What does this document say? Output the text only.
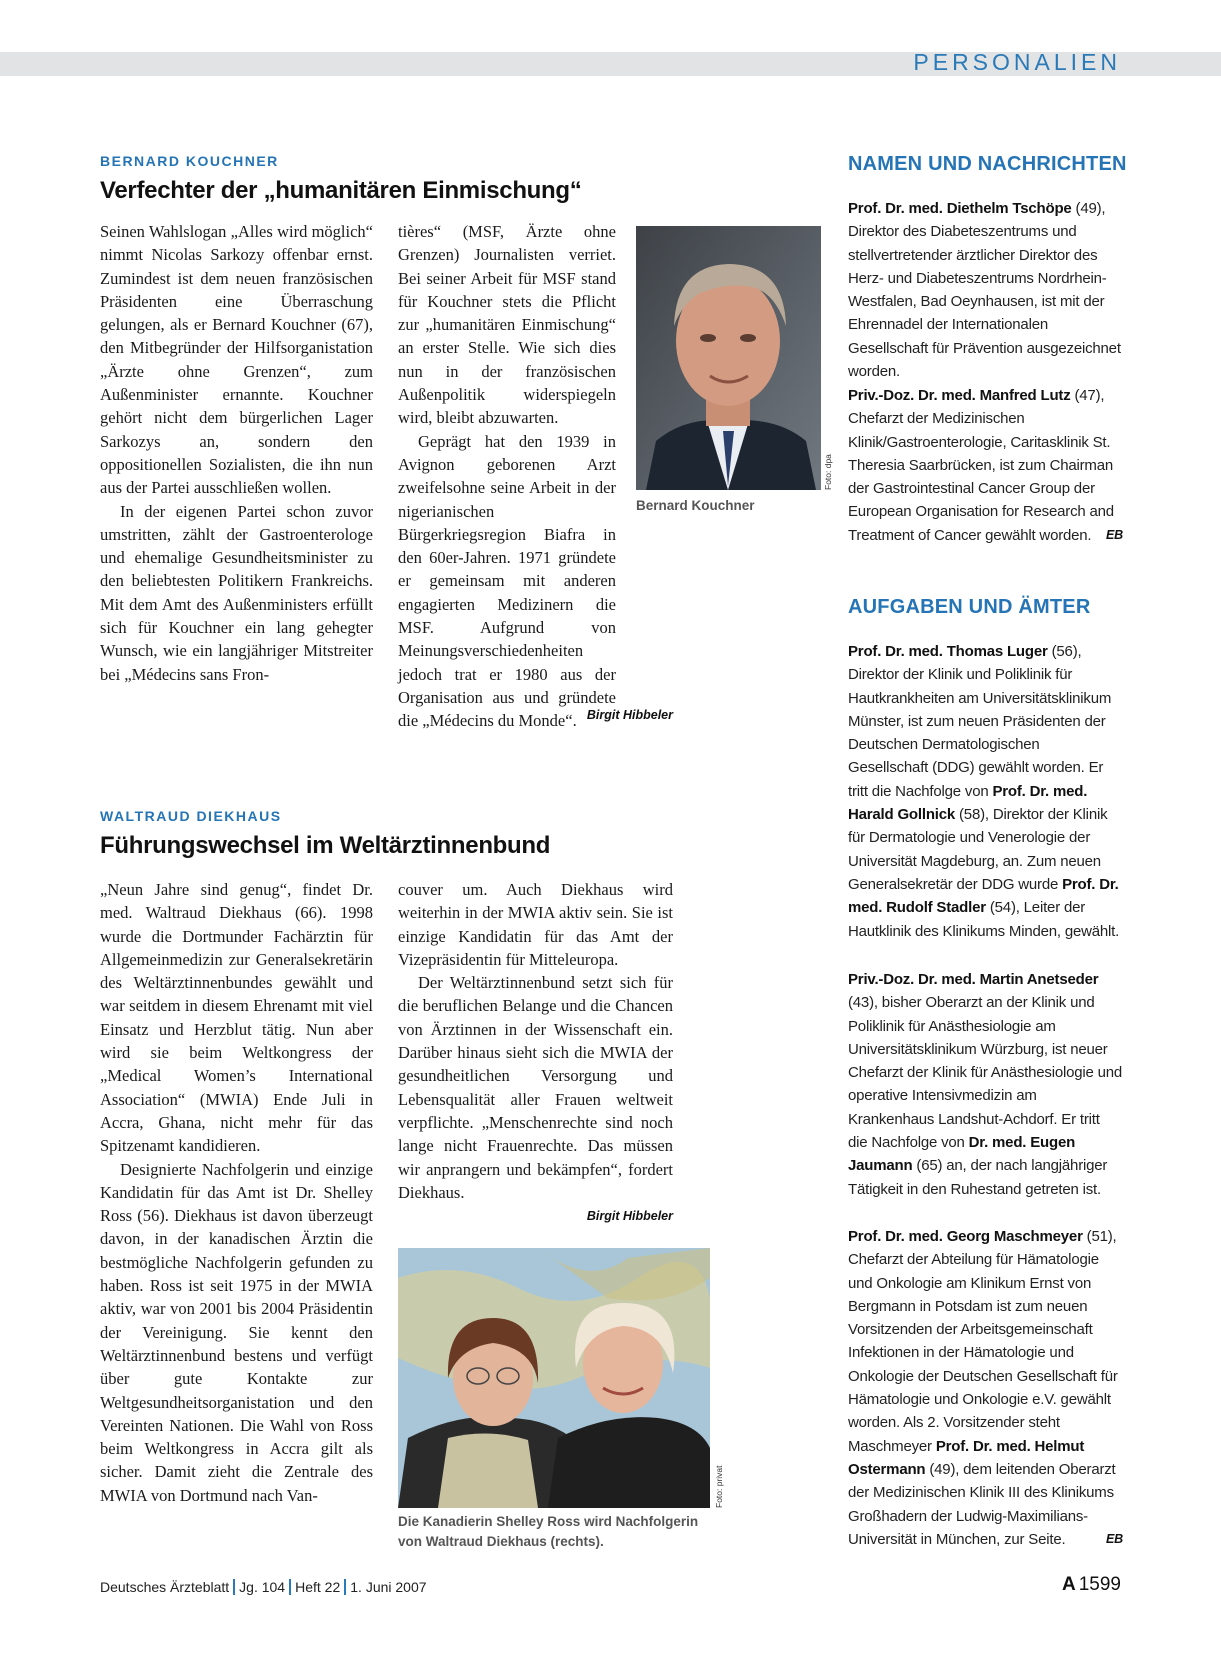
PERSONALIEN
BERNARD KOUCHNER
Verfechter der „humanitären Einmischung“

Seinen Wahlslogan „Alles wird möglich“ nimmt Nicolas Sarkozy offenbar ernst. Zumindest ist dem neuen französischen Präsidenten eine Überraschung gelungen, als er Bernard Kouchner (67), den Mitbegründer der Hilfsorganistation „Ärzte ohne Grenzen“, zum Außenminister ernannte. Kouchner gehört nicht dem bürgerlichen Lager Sarkozys an, sondern den oppositionellen Sozialisten, die ihn nun aus der Partei ausschließen wollen.

In der eigenen Partei schon zuvor umstritten, zählt der Gastroenterologe und ehemalige Gesundheitsminister zu den beliebtesten Politikern Frankreichs. Mit dem Amt des Außenministers erfüllt sich für Kouchner ein lang gehegter Wunsch, wie ein langjähriger Mitstreiter bei „Médecins sans Fron-

tières“ (MSF, Ärzte ohne Grenzen) Journalisten verriet. Bei seiner Arbeit für MSF stand für Kouchner stets die Pflicht zur „humanitären Einmischung“ an erster Stelle. Wie sich dies nun in der französischen Außenpolitik widerspiegeln wird, bleibt abzuwarten.

Geprägt hat den 1939 in Avignon geborenen Arzt zweifelsohne seine Arbeit in der nigerianischen Bürgerkriegsregion Biafra in den 60er-Jahren. 1971 gründete er gemeinsam mit anderen engagierten Medizinern die MSF. Aufgrund von Meinungsverschiedenheiten jedoch trat er 1980 aus der Organisation aus und gründete die „Médecins du Monde“. Birgit Hibbeler
Foto: dpa
Bernard Kouchner
WALTRAUD DIEKHAUS
Führungswechsel im Weltärztinnenbund

„Neun Jahre sind genug“, findet Dr. med. Waltraud Diekhaus (66). 1998 wurde die Dortmunder Fachärztin für Allgemeinmedizin zur Generalsekretärin des Weltärztinnenbundes gewählt und war seitdem in diesem Ehrenamt mit viel Einsatz und Herzblut tätig. Nun aber wird sie beim Weltkongress der „Medical Women’s International Association“ (MWIA) Ende Juli in Accra, Ghana, nicht mehr für das Spitzenamt kandidieren.

Designierte Nachfolgerin und einzige Kandidatin für das Amt ist Dr. Shelley Ross (56). Diekhaus ist davon überzeugt davon, in der kanadischen Ärztin die bestmögliche Nachfolgerin gefunden zu haben. Ross ist seit 1975 in der MWIA aktiv, war von 2001 bis 2004 Präsidentin der Vereinigung. Sie kennt den Weltärztinnenbund bestens und verfügt über gute Kontakte zur Weltgesundheitsorganistation und den Vereinten Nationen. Die Wahl von Ross beim Weltkongress in Accra gilt als sicher. Damit zieht die Zentrale des MWIA von Dortmund nach Van-

couver um. Auch Diekhaus wird weiterhin in der MWIA aktiv sein. Sie ist einzige Kandidatin für das Amt der Vizepräsidentin für Mitteleuropa.

Der Weltärztinnenbund setzt sich für die beruflichen Belange und die Chancen von Ärztinnen in der Wissenschaft ein. Darüber hinaus sieht sich die MWIA der gesundheitlichen Versorgung und Lebensqualität aller Frauen weltweit verpflichte. „Menschenrechte sind noch lange nicht Frauenrechte. Das müssen wir anprangern und bekämpfen“, fordert Diekhaus.

Birgit Hibbeler
Foto: privat
Die Kanadierin Shelley Ross wird Nachfolgerin von Waltraud Diekhaus (rechts).
NAMEN UND NACHRICHTEN
Prof. Dr. med. Diethelm Tschöpe (49), Direktor des Diabeteszentrums und stellvertretender ärztlicher Direktor des Herz- und Diabeteszentrums Nordrhein-Westfalen, Bad Oeynhausen, ist mit der Ehrennadel der Internationalen Gesellschaft für Prävention ausgezeichnet worden.
Priv.-Doz. Dr. med. Manfred Lutz (47), Chefarzt der Medizinischen Klinik/Gastroenterologie, Caritasklinik St. Theresia Saarbrücken, ist zum Chairman der Gastrointestinal Cancer Group der European Organisation for Research and Treatment of Cancer gewählt worden. EB
AUFGABEN UND ÄMTER
Prof. Dr. med. Thomas Luger (56), Direktor der Klinik und Poliklinik für Hautkrankheiten am Universitätsklinikum Münster, ist zum neuen Präsidenten der Deutschen Dermatologischen Gesellschaft (DDG) gewählt worden. Er tritt die Nachfolge von Prof. Dr. med. Harald Gollnick (58), Direktor der Klinik für Dermatologie und Venerologie der Universität Magdeburg, an. Zum neuen Generalsekretär der DDG wurde Prof. Dr. med. Rudolf Stadler (54), Leiter der Hautklinik des Klinikums Minden, gewählt.
Priv.-Doz. Dr. med. Martin Anetseder (43), bisher Oberarzt an der Klinik und Poliklinik für Anästhesiologie am Universitätsklinikum Würzburg, ist neuer Chefarzt der Klinik für Anästhesiologie und operative Intensivmedizin am Krankenhaus Landshut-Achdorf. Er tritt die Nachfolge von Dr. med. Eugen Jaumann (65) an, der nach langjähriger Tätigkeit in den Ruhestand getreten ist.
Prof. Dr. med. Georg Maschmeyer (51), Chefarzt der Abteilung für Hämatologie und Onkologie am Klinikum Ernst von Bergmann in Potsdam ist zum neuen Vorsitzenden der Arbeitsgemeinschaft Infektionen in der Hämatologie und Onkologie der Deutschen Gesellschaft für Hämatologie und Onkologie e.V. gewählt worden. Als 2. Vorsitzender steht Maschmeyer Prof. Dr. med. Helmut Ostermann (49), dem leitenden Oberarzt der Medizinischen Klinik III des Klinikums Großhadern der Ludwig-Maximilians-Universität in München, zur Seite.	EB
Deutsches Ärzteblatt Jg. 104 Heft 22 1. Juni 2007	A 1599
